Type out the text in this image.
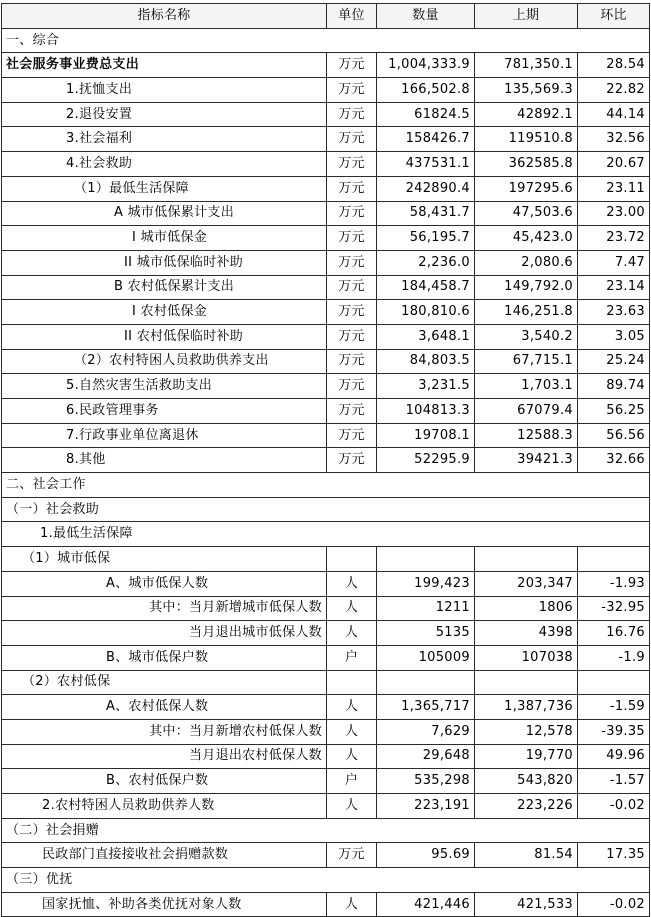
指标名称	单位	数量	上期	环比
一、综合				
社会服务事业费总支出	万元	1,004,333.9	781,350.1	28.54
1.抚恤支出	万元	166,502.8	135,569.3	22.82
2.退役安置	万元	61824.5	42892.1	44.14
3.社会福利	万元	158426.7	119510.8	32.56
4.社会救助	万元	437531.1	362585.8	20.67
（1）最低生活保障	万元	242890.4	197295.6	23.11
A 城市低保累计支出	万元	58,431.7	47,503.6	23.00
I 城市低保金	万元	56,195.7	45,423.0	23.72
II 城市低保临时补助	万元	2,236.0	2,080.6	7.47
B 农村低保累计支出	万元	184,458.7	149,792.0	23.14
I 农村低保金	万元	180,810.6	146,251.8	23.63
II 农村低保临时补助	万元	3,648.1	3,540.2	3.05
（2）农村特困人员救助供养支出	万元	84,803.5	67,715.1	25.24
5.自然灾害生活救助支出	万元	3,231.5	1,703.1	89.74
6.民政管理事务	万元	104813.3	67079.4	56.25
7.行政事业单位离退休	万元	19708.1	12588.3	56.56
8.其他	万元	52295.9	39421.3	32.66
二、社会工作				
（一）社会救助				
1.最低生活保障				
（1）城市低保				
A、城市低保人数	人	199,423	203,347	-1.93
其中：当月新增城市低保人数	人	1211	1806	-32.95
当月退出城市低保人数	人	5135	4398	16.76
B、城市低保户数	户	105009	107038	-1.9
（2）农村低保				
A、农村低保人数	人	1,365,717	1,387,736	-1.59
其中：当月新增农村低保人数	人	7,629	12,578	-39.35
当月退出农村低保人数	人	29,648	19,770	49.96
B、农村低保户数	户	535,298	543,820	-1.57
2.农村特困人员救助供养人数	人	223,191	223,226	-0.02
（二）社会捐赠				
民政部门直接接收社会捐赠款数	万元	95.69	81.54	17.35
（三）优抚				
国家抚恤、补助各类优抚对象人数	人	421,446	421,533	-0.02
